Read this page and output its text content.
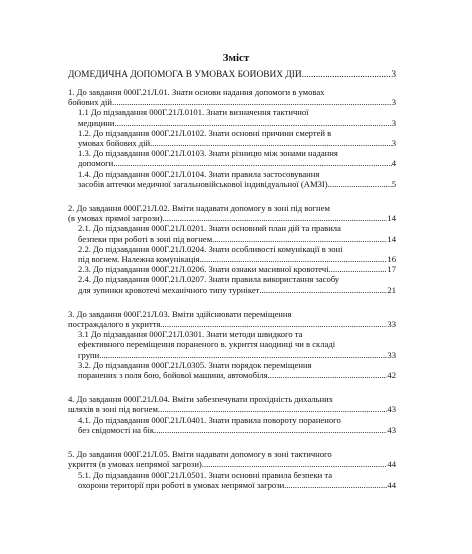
Зміст
ДОМЕДИЧНА ДОПОМОГА В УМОВАХ БОЙОВИХ ДІЙ .....	3
1. До завдання 000Г.21Л.01. Знати основи надання допомоги в умовах
бойових дій .....	3
1.1 До підзавдання 000Г.21Л.0101. Знати визначення тактичної
медицини .....	3
1.2. До підзавдання 000Г.21Л.0102. Знати основні причини смертей в
умовах бойових дій .....	3
1.3. До підзавдання 000Г.21Л.0103. Знати різницю між зонами надання
допомоги .....	4
1.4. До підзавдання 000Г.21Л.0104. Знати правила застосовування
засобів аптечки медичної загальновійськової індивідуальної (АМЗІ) .....	5
2. До завдання 000Г.21Л.02. Вміти надавати допомогу в зоні під вогнем
(в умовах прямої загрози) .....	14
2.1. До підзавдання 000Г.21Л.0201. Знати основний план дій та правила
безпеки при роботі в зоні під вогнем .....	14
2.2. До підзавдання 000Г.21Л.0204. Знати особливості комунікації в зоні
під вогнем. Належна комунікація .....	16
2.3. До підзавдання 000Г.21Л.0206. Знати ознаки масивної кровотечі .....	17
2.4. До підзавдання 000Г.21Л.0207. Знати правила використання засобу
для зупинки кровотечі механічного типу турнікет .....	21
3. До завдання 000Г.21Л.03. Вміти здійснювати переміщення
постраждалого в укриття .....	33
3.1 До підзавдання 000Г.21Л.0301. Знати методи швидкого та
ефективного переміщення пораненого в. укриття наодинці чи в складі
групи .....	33
3.2. До підзавдання 000Г.21Л.0305. Знати порядок переміщення
поранених з поля бою, бойової машини, автомобіля. .....	42
4. До завдання 000Г.21Л.04. Вміти забезпечувати прохідність дихальних
шляхів в зоні під вогнем .....	43
4.1. До підзавдання 000Г.21Л.0401. Знати правила повороту пораненого
без свідомості на бік .....	43
5. До завдання 000Г.21Л.05. Вміти надавати допомогу в зоні тактичного
укриття (в умовах непрямої загрози) .....	44
5.1. До підзавдання 000Г.21Л.0501. Знати основні правила безпеки та
охорони території при роботі в умовах непрямої загрози .....	44
